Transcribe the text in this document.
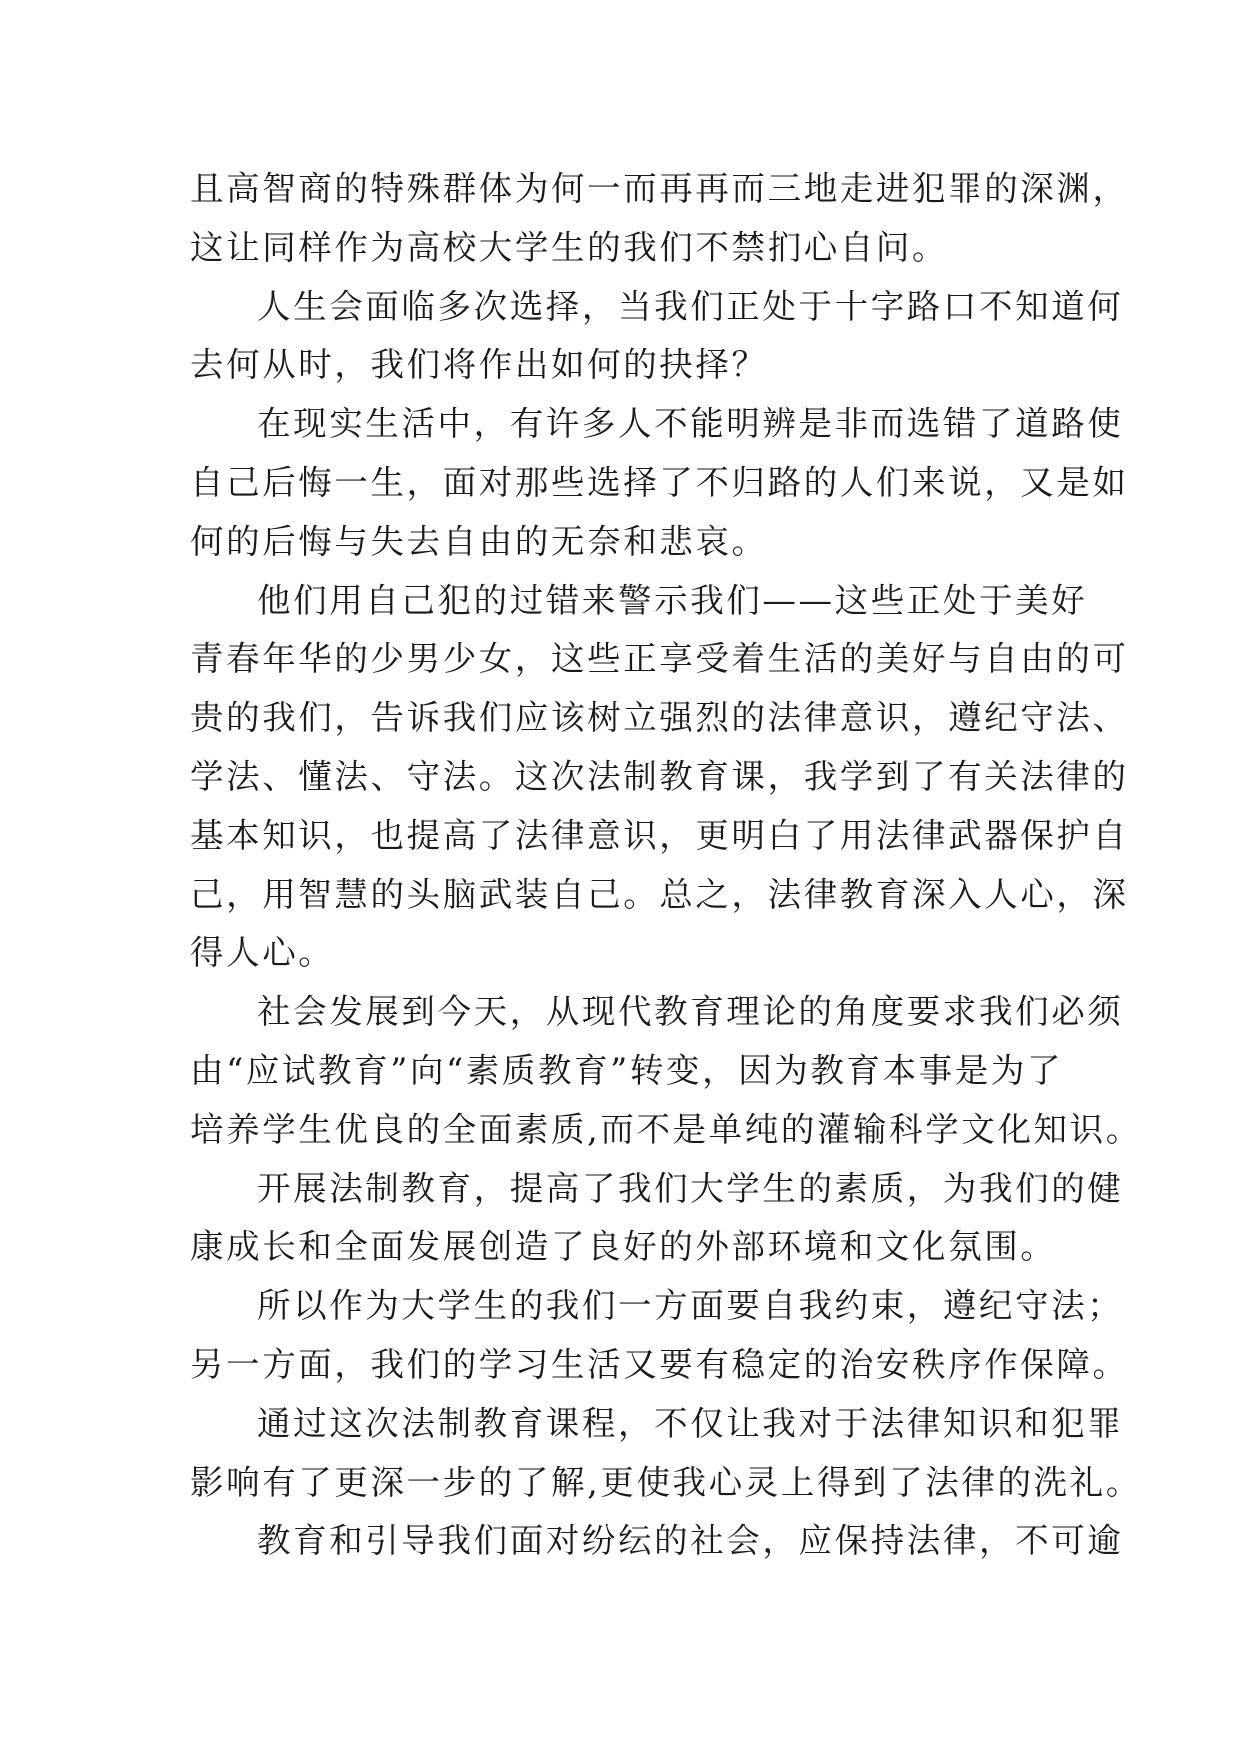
且高智商的特殊群体为何一而再再而三地走进犯罪的深渊，
这让同样作为高校大学生的我们不禁扪心自问。
人生会面临多次选择，当我们正处于十字路口不知道何
去何从时，我们将作出如何的抉择？
在现实生活中，有许多人不能明辨是非而选错了道路使
自己后悔一生，面对那些选择了不归路的人们来说，又是如
何的后悔与失去自由的无奈和悲哀。
他们用自己犯的过错来警示我们——这些正处于美好
青春年华的少男少女，这些正享受着生活的美好与自由的可
贵的我们，告诉我们应该树立强烈的法律意识，遵纪守法、
学法、懂法、守法。这次法制教育课，我学到了有关法律的
基本知识，也提高了法律意识，更明白了用法律武器保护自
己，用智慧的头脑武装自己。总之，法律教育深入人心，深
得人心。
社会发展到今天，从现代教育理论的角度要求我们必须
由“应试教育”向“素质教育”转变，因为教育本事是为了
培养学生优良的全面素质,而不是单纯的灌输科学文化知识。
开展法制教育，提高了我们大学生的素质，为我们的健
康成长和全面发展创造了良好的外部环境和文化氛围。
所以作为大学生的我们一方面要自我约束，遵纪守法；
另一方面，我们的学习生活又要有稳定的治安秩序作保障。
通过这次法制教育课程，不仅让我对于法律知识和犯罪
影响有了更深一步的了解,更使我心灵上得到了法律的洗礼。
教育和引导我们面对纷纭的社会，应保持法律，不可逾
